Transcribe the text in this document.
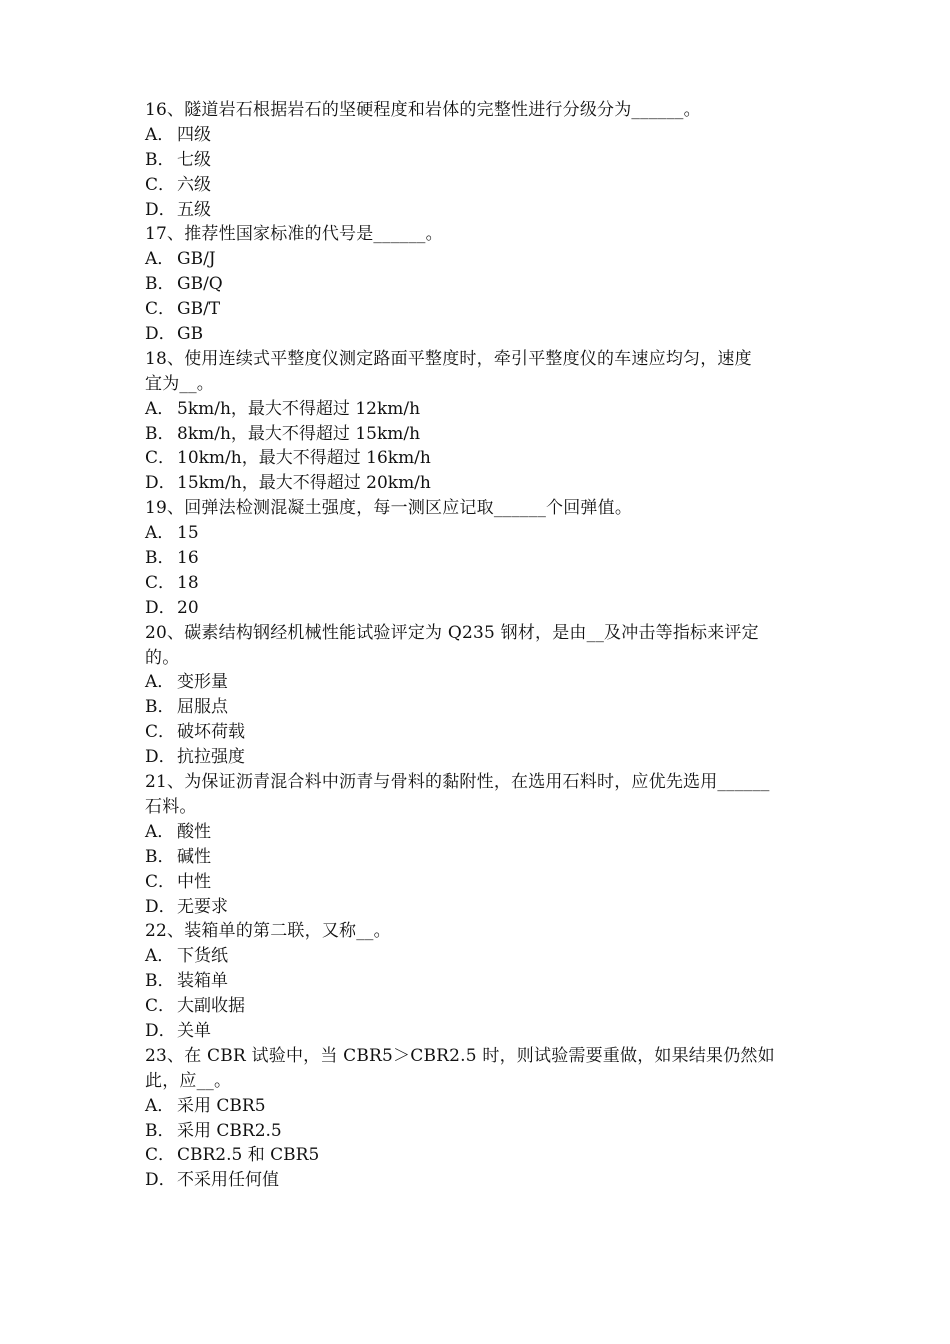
16、隧道岩石根据岩石的坚硬程度和岩体的完整性进行分级分为______。
A． 四级
B． 七级
C． 六级
D． 五级
17、推荐性国家标准的代号是______。
A． GB/J
B． GB/Q
C． GB/T
D． GB
18、使用连续式平整度仪测定路面平整度时，牵引平整度仪的车速应均匀，速度
宜为__。
A． 5km/h，最大不得超过 12km/h
B． 8km/h，最大不得超过 15km/h
C． 10km/h，最大不得超过 16km/h
D． 15km/h，最大不得超过 20km/h
19、回弹法检测混凝土强度，每一测区应记取______个回弹值。
A． 15
B． 16
C． 18
D． 20
20、碳素结构钢经机械性能试验评定为 Q235 钢材，是由__及冲击等指标来评定
的。
A． 变形量
B． 屈服点
C． 破坏荷载
D． 抗拉强度
21、为保证沥青混合料中沥青与骨料的黏附性，在选用石料时，应优先选用______
石料。
A． 酸性
B． 碱性
C． 中性
D． 无要求
22、装箱单的第二联，又称__。
A． 下货纸
B． 装箱单
C． 大副收据
D． 关单
23、在 CBR 试验中，当 CBR5＞CBR2.5 时，则试验需要重做，如果结果仍然如
此，应__。
A． 采用 CBR5
B． 采用 CBR2.5
C． CBR2.5 和 CBR5
D． 不采用任何值
